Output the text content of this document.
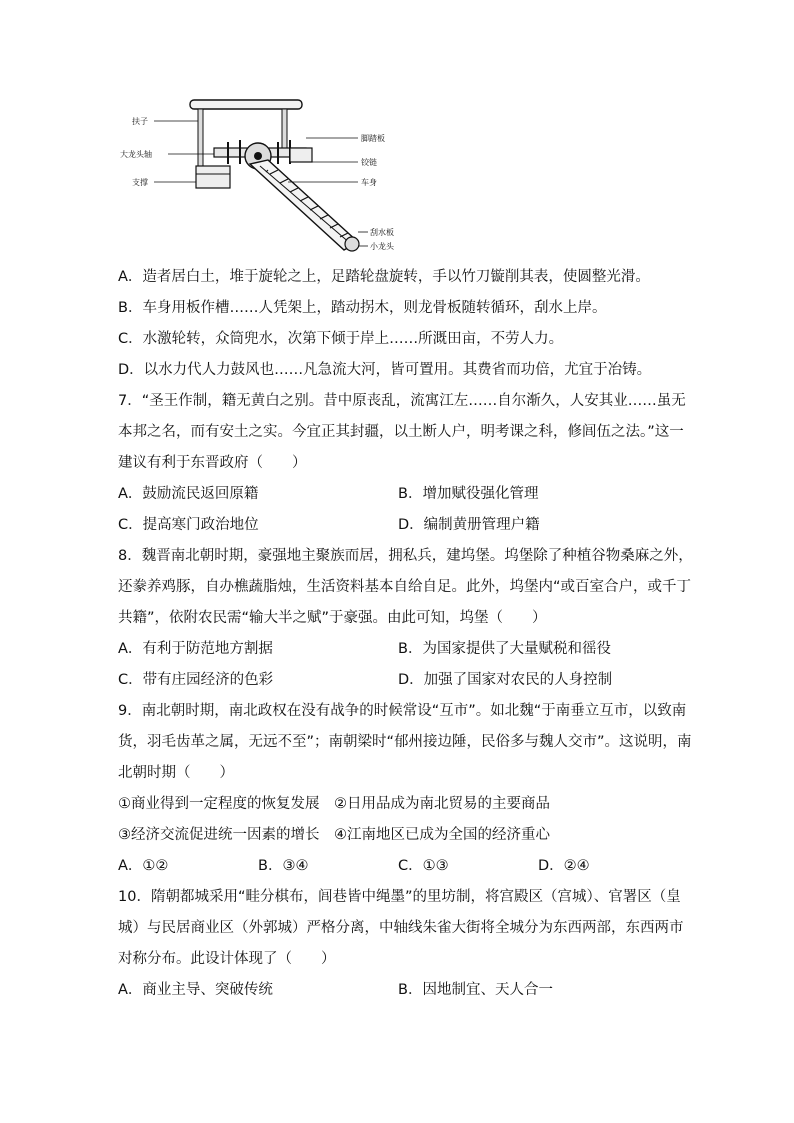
扶子
大龙头轴
支撑
脚踏板
铰链
车身
刮水板
小龙头
A．造者居白土，堆于旋轮之上，足踏轮盘旋转，手以竹刀镟削其表，使圆整光滑。
B．车身用板作槽……人凭架上，踏动拐木，则龙骨板随转循环，刮水上岸。
C．水激轮转，众筒兜水，次第下倾于岸上……所溉田亩，不劳人力。
D．以水力代人力鼓风也……凡急流大河，皆可置用。其费省而功倍，尤宜于冶铸。
7．“圣王作制，籍无黄白之别。昔中原丧乱，流寓江左……自尔渐久，人安其业……虽无
本邦之名，而有安土之实。今宜正其封疆，以土断人户，明考课之科，修闾伍之法。”这一
建议有利于东晋政府（　　）
A．鼓励流民返回原籍	B．增加赋役强化管理
C．提高寒门政治地位	D．编制黄册管理户籍
8．魏晋南北朝时期，豪强地主聚族而居，拥私兵，建坞堡。坞堡除了种植谷物桑麻之外，
还豢养鸡豚，自办樵蔬脂烛，生活资料基本自给自足。此外，坞堡内“或百室合户，或千丁
共籍”，依附农民需“输大半之赋”于豪强。由此可知，坞堡（　　）
A．有利于防范地方割据	B．为国家提供了大量赋税和徭役
C．带有庄园经济的色彩	D．加强了国家对农民的人身控制
9．南北朝时期，南北政权在没有战争的时候常设“互市”。如北魏“于南垂立互市，以致南
货，羽毛齿革之属，无远不至”；南朝梁时“郁州接边陲，民俗多与魏人交市”。这说明，南
北朝时期（　　）
①商业得到一定程度的恢复发展　②日用品成为南北贸易的主要商品
③经济交流促进统一因素的增长　④江南地区已成为全国的经济重心
A．①②	B．③④	C．①③	D．②④
10．隋朝都城采用“畦分棋布，闾巷皆中绳墨”的里坊制，将宫殿区（宫城）、官署区（皇
城）与民居商业区（外郭城）严格分离，中轴线朱雀大街将全城分为东西两部，东西两市
对称分布。此设计体现了（　　）
A．商业主导、突破传统	B．因地制宜、天人合一
